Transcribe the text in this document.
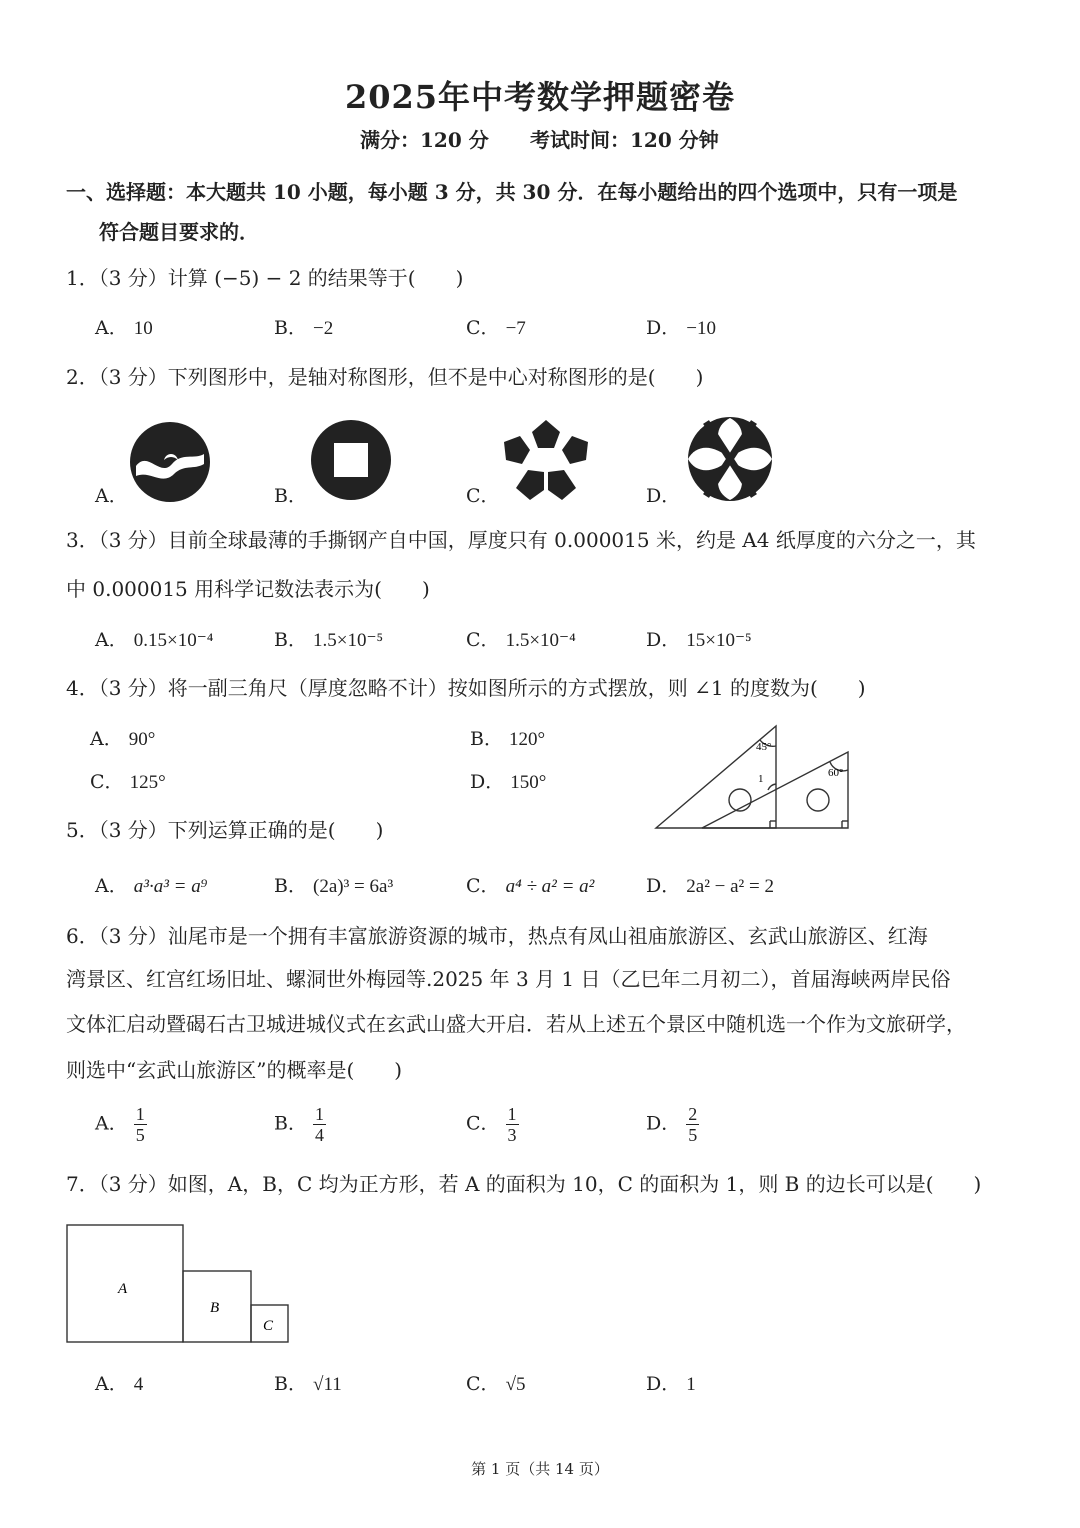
2025年中考数学押题密卷
满分：120 分 考试时间：120 分钟
一、选择题：本大题共 10 小题，每小题 3 分，共 30 分．在每小题给出的四个选项中，只有一项是
符合题目要求的．
1．（3 分）计算 (−5) − 2 的结果等于(　　)
A． 10	B． −2	C． −7	D． −10
2．（3 分）下列图形中，是轴对称图形，但不是中心对称图形的是(　　)
A．	B．	C．	D．
3．（3 分）目前全球最薄的手撕钢产自中国，厚度只有 0.000015 米，约是 A4 纸厚度的六分之一，其
中 0.000015 用科学记数法表示为(　　)
A． 0.15×10⁻⁴	B． 1.5×10⁻⁵	C． 1.5×10⁻⁴	D． 15×10⁻⁵
4．（3 分）将一副三角尺（厚度忽略不计）按如图所示的方式摆放，则 ∠1 的度数为(　　)
A． 90°	B． 120°
C． 125°	D． 150°
45°
1	60°
5．（3 分）下列运算正确的是(　　)
A． a³·a³ = a⁹	B． (2a)³ = 6a³	C． a⁴ ÷ a² = a²	D． 2a² − a² = 2
6．（3 分）汕尾市是一个拥有丰富旅游资源的城市，热点有凤山祖庙旅游区、玄武山旅游区、红海
湾景区、红宫红场旧址、螺洞世外梅园等.2025 年 3 月 1 日（乙巳年二月初二），首届海峡两岸民俗
文体汇启动暨碣石古卫城进城仪式在玄武山盛大开启．若从上述五个景区中随机选一个作为文旅研学，
则选中“玄武山旅游区”的概率是(　　)
A． $\frac{1}{5}$	B． $\frac{1}{4}$	C． $\frac{1}{3}$	D． $\frac{2}{5}$
7．（3 分）如图，A，B，C 均为正方形，若 A 的面积为 10，C 的面积为 1，则 B 的边长可以是(　　)
A
B
C
A． 4	B． √11	C． √5	D． 1
第 1 页（共 14 页）
